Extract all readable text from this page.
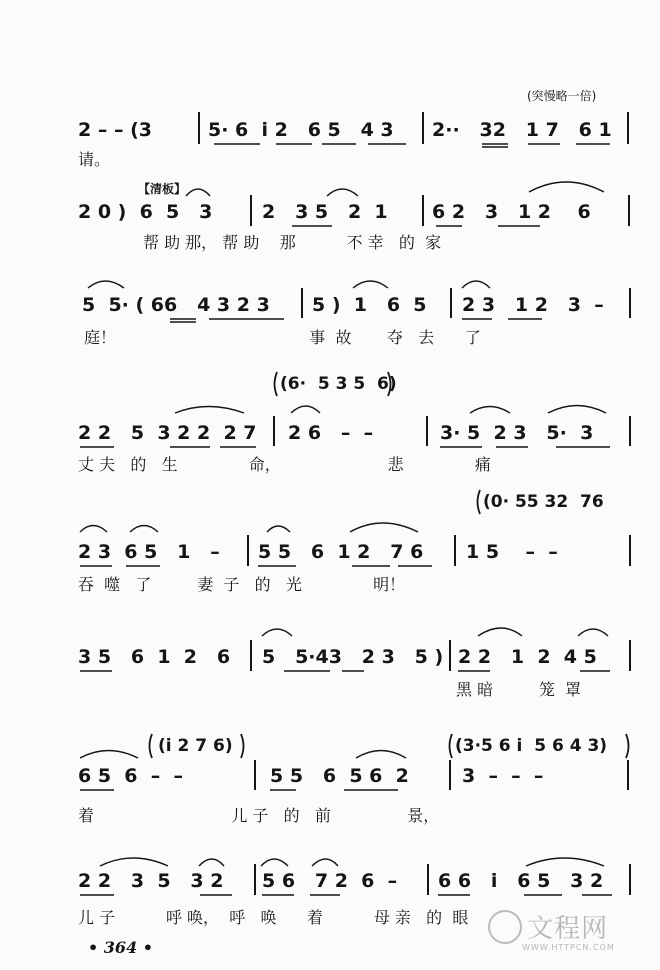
(突慢略一倍)
2 – – (3	5· 6  i 2   6 5   4 3 2··   32   1 7   6 1
请。
【清板】
2 0 )  6  5   3	2   3 5   2  1 6 2   3   1 2    6
帮 助 那， 帮 助    那          不 幸   的  家
5  5· ( 66   4 3 2 3 5 )  1   6  5 2 3   1 2   3  –
庭！                                      事  故       夺   去      了
(6·  5 3 5  6)
2 2   5  3 2 2  2 7 2 6   –  –	3· 5  2 3   5·  3
丈 夫   的   生              命，                     悲              痛
(0· 55 32  76
2 3  6 5   1   – 5 5   6  1 2   7 6 1 5    –  –
吞  噬   了         妻  子   的   光              明！
3 5   6  1  2   6 5   5·43   2 3   5 ) 2 2   1  2  4 5
黑 暗         笼  罩
(i 2 7 6)	(3·5 6 i  5 6 4 3)
6 5  6  –  –	5 5   6  5 6  2	3  –  –  –
着                           儿 子   的   前               景，
2 2   3  5   3 2 5 6   7 2  6  – 6 6   i   6 5   3 2
儿 子          呼 唤，  呼   唤      着          母 亲   的  眼
• 364 •
文程网
WWW.HTTPCN.COM
